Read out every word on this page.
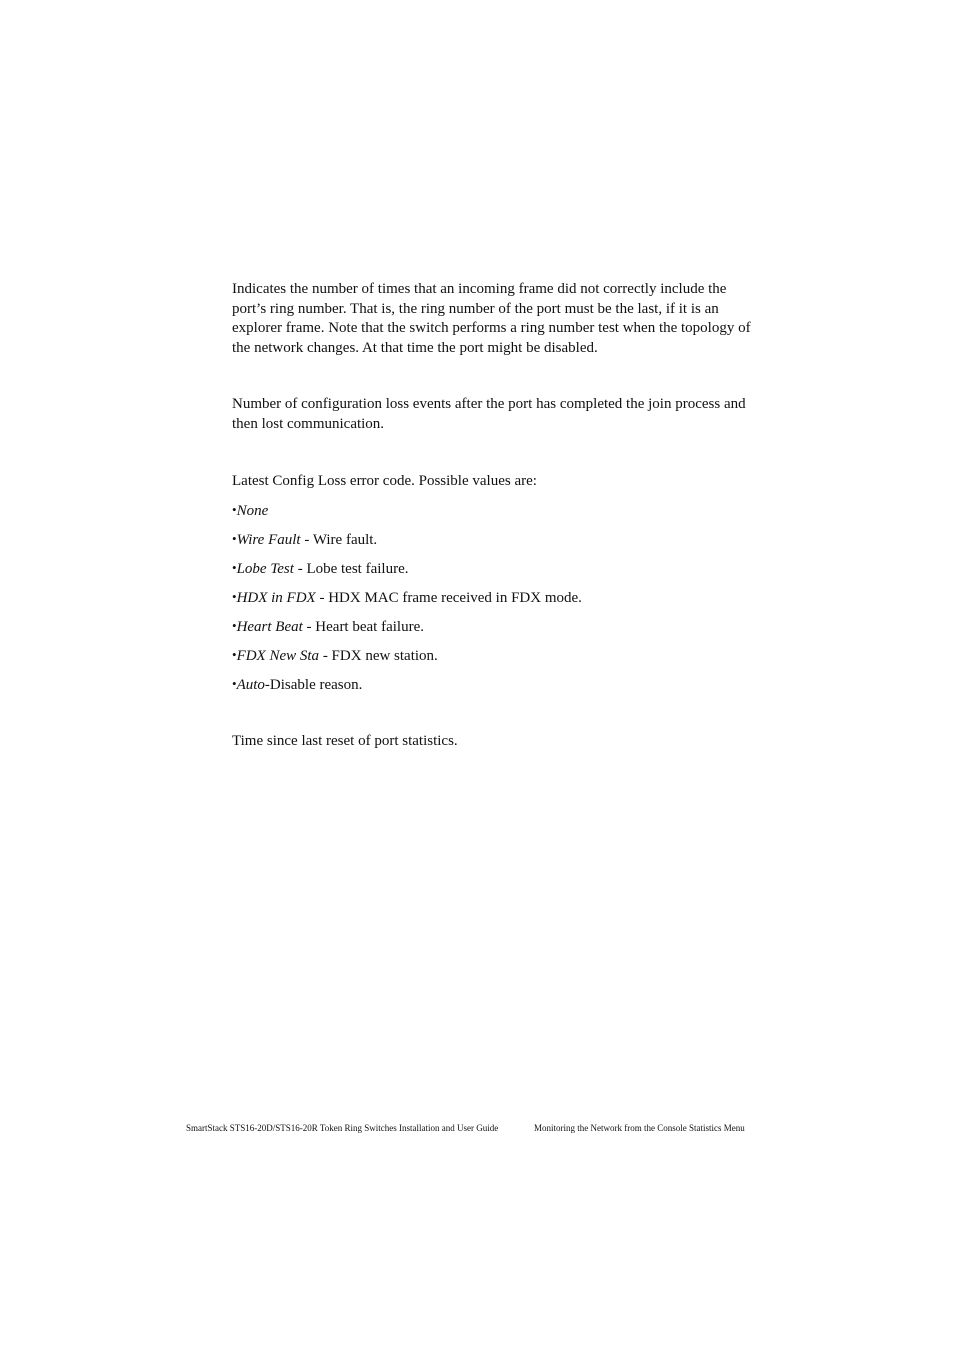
Indicates the number of times that an incoming frame did not correctly include the port’s ring number. That is, the ring number of the port must be the last, if it is an explorer frame. Note that the switch performs a ring number test when the topology of the network changes. At that time the port might be disabled.

Number of configuration loss events after the port has completed the join process and then lost communication.

Latest Config Loss error code. Possible values are:

•None
•Wire Fault - Wire fault.
•Lobe Test - Lobe test failure.
•HDX in FDX - HDX MAC frame received in FDX mode.
•Heart Beat - Heart beat failure.
•FDX New Sta - FDX new station.
•Auto-Disable reason.

Time since last reset of port statistics.

SmartStack STS16-20D/STS16-20R Token Ring Switches Installation and User Guide	Monitoring the Network from the Console Statistics Menu
